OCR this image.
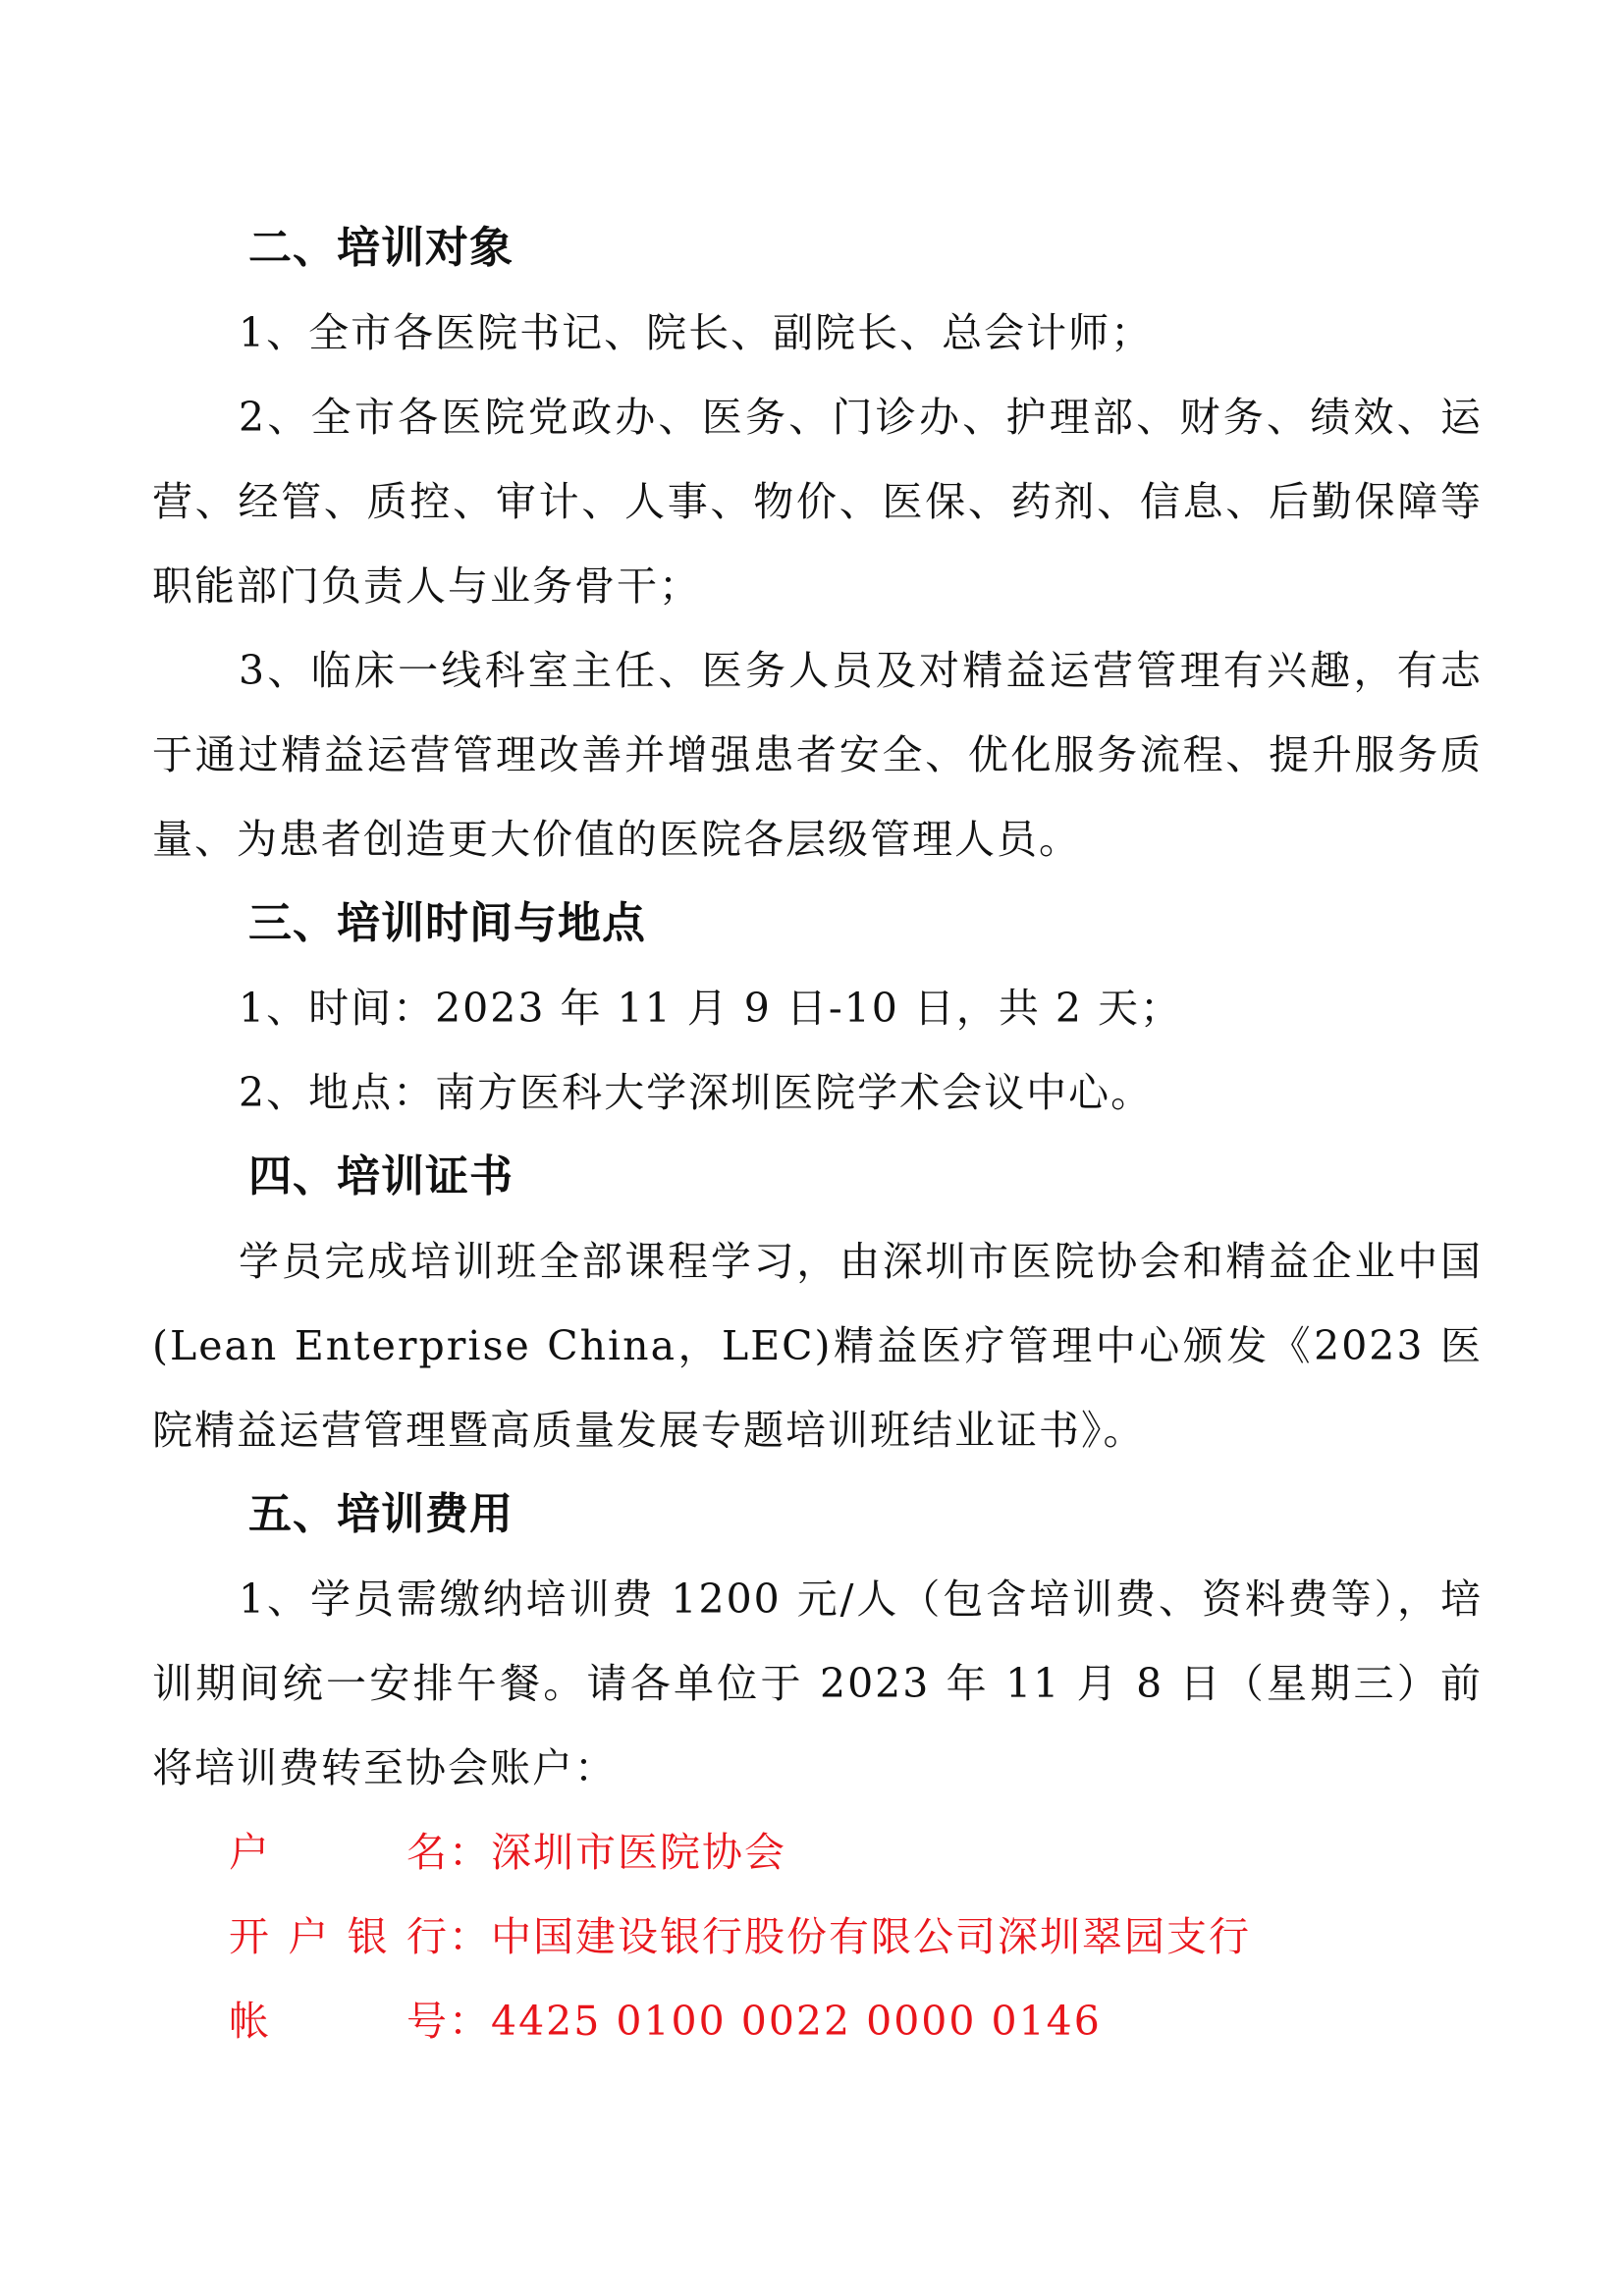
二、培训对象
1、全市各医院书记、院长、副院长、总会计师；
2、全市各医院党政办、医务、门诊办、护理部、财务、绩效、运营、经管、质控、审计、人事、物价、医保、药剂、信息、后勤保障等职能部门负责人与业务骨干；
3、临床一线科室主任、医务人员及对精益运营管理有兴趣，有志于通过精益运营管理改善并增强患者安全、优化服务流程、提升服务质量、为患者创造更大价值的医院各层级管理人员。
三、培训时间与地点
1、时间：2023 年 11 月 9 日-10 日，共 2 天；
2、地点：南方医科大学深圳医院学术会议中心。
四、培训证书
学员完成培训班全部课程学习，由深圳市医院协会和精益企业中国(Lean Enterprise China，LEC)精益医疗管理中心颁发《2023 医院精益运营管理暨高质量发展专题培训班结业证书》。
五、培训费用
1、学员需缴纳培训费 1200 元/人（包含培训费、资料费等），培训期间统一安排午餐。请各单位于 2023 年 11 月 8 日（星期三）前将培训费转至协会账户：
户名：深圳市医院协会
开户银行：中国建设银行股份有限公司深圳翠园支行
帐号：4425 0100 0022 0000 0146
